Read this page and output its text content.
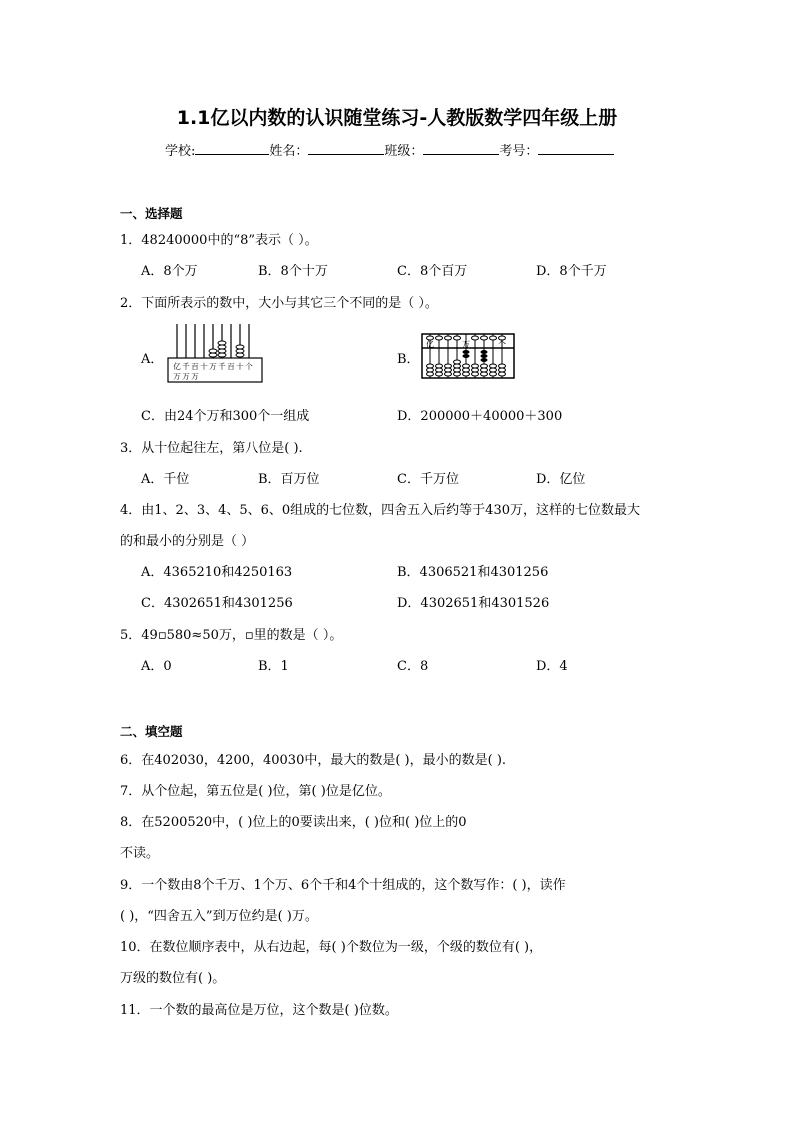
1.1亿以内数的认识随堂练习-人教版数学四年级上册
学校:	姓名：	班级：	考号：
一、选择题
1．48240000中的“8”表示（ ）。
A．8个万	B．8个十万	C．8个百万	D．8个千万
2．下面所表示的数中，大小与其它三个不同的是（ ）。
A． 亿 千 百 十 万 千 百 十 个
万 万 万
B．
亿	万	个
C．由24个万和300个一组成	D．200000＋40000＋300
3．从十位起往左，第八位是( ).
A．千位	B．百万位	C．千万位	D．亿位
4．由1、2、3、4、5、6、0组成的七位数，四舍五入后约等于430万，这样的七位数最大
的和最小的分别是（ ）
A．4365210和4250163	B．4306521和4301256
C．4302651和4301256	D．4302651和4301526
5．49▫580≈50万，▫里的数是（ ）。
A．0	B．1	C．8	D．4
二、填空题
6．在402030，4200，40030中，最大的数是( )，最小的数是( ).
7．从个位起，第五位是( )位，第( )位是亿位。
8．在5200520中，( )位上的0要读出来，( )位和( )位上的0
不读。
9．一个数由8个千万、1个万、6个千和4个十组成的，这个数写作：( )，读作
( )，“四舍五入”到万位约是( )万。
10．在数位顺序表中，从右边起，每( )个数位为一级，个级的数位有( )，
万级的数位有( )。
11．一个数的最高位是万位，这个数是( )位数。
